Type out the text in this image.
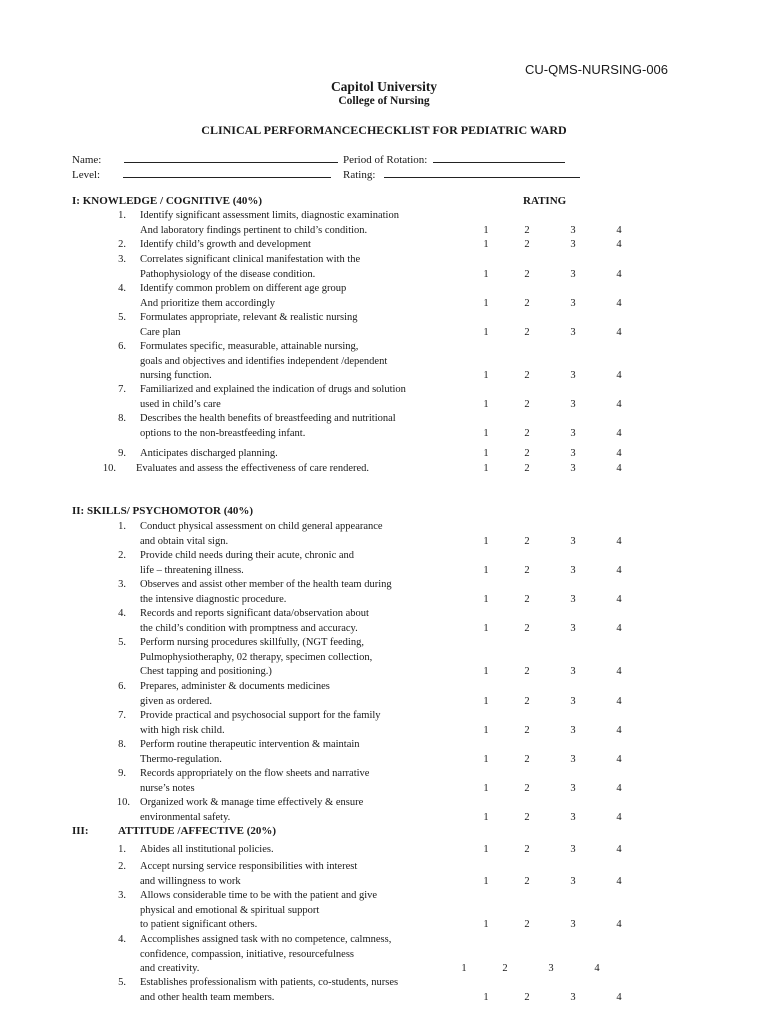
CU-QMS-NURSING-006
Capitol University
College of Nursing
CLINICAL PERFORMANCECHECKLIST FOR PEDIATRIC WARD
Name:	Period of Rotation:
Level:	Rating:
RATING
I: KNOWLEDGE / COGNITIVE (40%)
1. Identify significant assessment limits, diagnostic examination
And laboratory findings pertinent to child’s condition.	1	2	3	4
2. Identify child’s growth and development	1	2	3	4
3. Correlates significant clinical manifestation with the
Pathophysiology of the disease condition.	1	2	3	4
4. Identify common problem on different age group
And prioritize them accordingly	1	2	3	4
5. Formulates appropriate, relevant & realistic nursing
Care plan	1	2	3	4
6. Formulates specific, measurable, attainable nursing,
goals and objectives and identifies independent /dependent
nursing function.	1	2	3	4
7. Familiarized and explained the indication of drugs and solution
used in child’s care	1	2	3	4
8. Describes the health benefits of breastfeeding and nutritional
options to the non-breastfeeding infant.	1	2	3	4
9. Anticipates discharged planning.	1	2	3	4
10. Evaluates and assess the effectiveness of care rendered.	1	2	3	4
II: SKILLS/ PSYCHOMOTOR (40%)
1. Conduct physical assessment on child general appearance
and obtain vital sign.	1	2	3	4
2. Provide child needs during their acute, chronic and
life – threatening illness.	1	2	3	4
3. Observes and assist other member of the health team during
the intensive diagnostic procedure.	1	2	3	4
4. Records and reports significant data/observation about
the child’s condition with promptness and accuracy.	1	2	3	4
5. Perform nursing procedures skillfully, (NGT feeding,
Pulmophysiotheraphy, 02 therapy, specimen collection,
Chest tapping and positioning.)	1	2	3	4
6. Prepares, administer & documents medicines
given as ordered.	1	2	3	4
7. Provide practical and psychosocial support for the family
with high risk child.	1	2	3	4
8. Perform routine therapeutic intervention & maintain
Thermo-regulation.	1	2	3	4
9. Records appropriately on the flow sheets and narrative
nurse’s notes	1	2	3	4
10. Organized work & manage time effectively & ensure
environmental safety.	1	2	3	4
III:	ATTITUDE /AFFECTIVE (20%)
1. Abides all institutional policies.	1	2	3	4
2. Accept nursing service responsibilities with interest
and willingness to work	1	2	3	4
3. Allows considerable time to be with the patient and give
physical and emotional & spiritual support
to patient significant others.	1	2	3	4
4. Accomplishes assigned task with no competence, calmness,
confidence, compassion, initiative, resourcefulness
and creativity.	1	2	3	4
5. Establishes professionalism with patients, co-students, nurses
and other health team members.	1	2	3	4
